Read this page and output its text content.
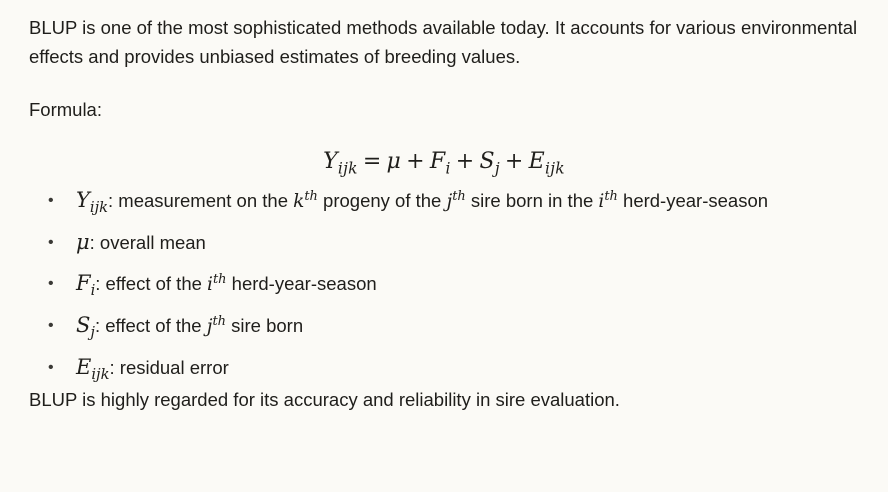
BLUP is one of the most sophisticated methods available today. It accounts for various environmental effects and provides unbiased estimates of breeding values.

Formula:

$Y_{ijk} = \mu + F_i + S_j + E_{ijk}$
• $Y_{ijk}$: measurement on the $k^{th}$ progeny of the $j^{th}$ sire born in the $i^{th}$ herd-year-season
• μ: overall mean
• $F_i$: effect of the $i^{th}$ herd-year-season
• $S_j$: effect of the $j^{th}$ sire born
• $E_{ijk}$: residual error

BLUP is highly regarded for its accuracy and reliability in sire evaluation.
